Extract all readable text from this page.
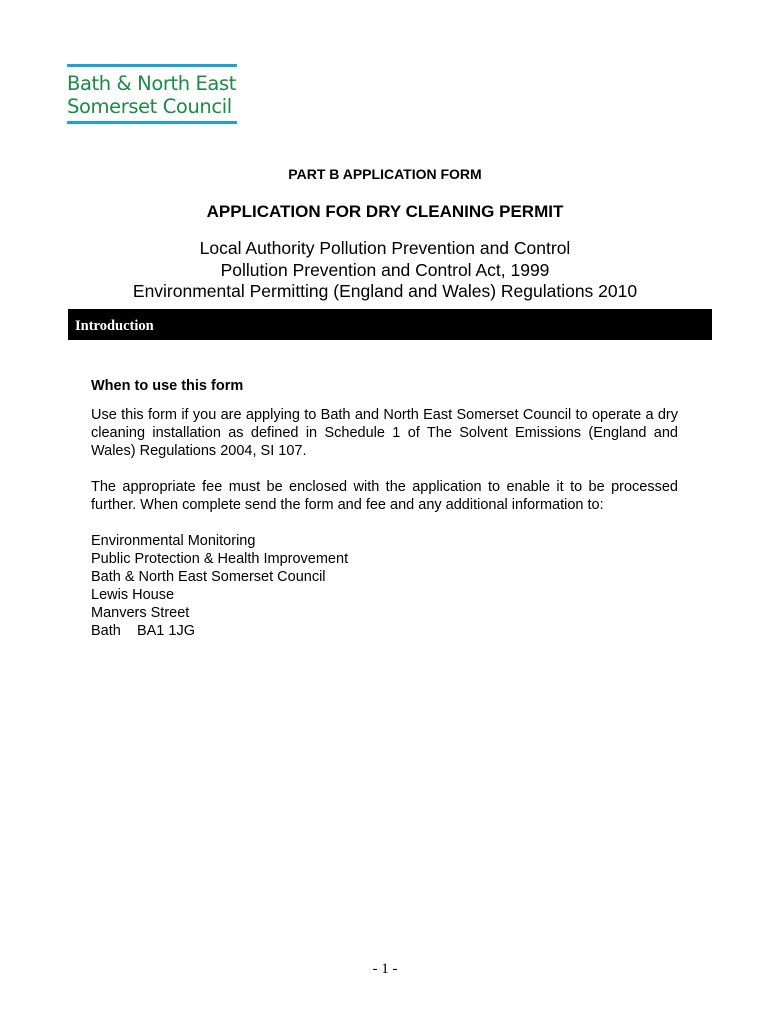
Bath & North East
Somerset Council
PART B APPLICATION FORM
APPLICATION FOR DRY CLEANING PERMIT
Local Authority Pollution Prevention and Control
Pollution Prevention and Control Act, 1999
Environmental Permitting (England and Wales) Regulations 2010
Introduction
When to use this form
Use this form if you are applying to Bath and North East Somerset Council to operate a dry cleaning installation as defined in Schedule 1 of The Solvent Emissions (England and Wales) Regulations 2004, SI 107.
The appropriate fee must be enclosed with the application to enable it to be processed further. When complete send the form and fee and any additional information to:
Environmental Monitoring
Public Protection & Health Improvement
Bath & North East Somerset Council
Lewis House
Manvers Street
Bath    BA1 1JG
- 1 -
